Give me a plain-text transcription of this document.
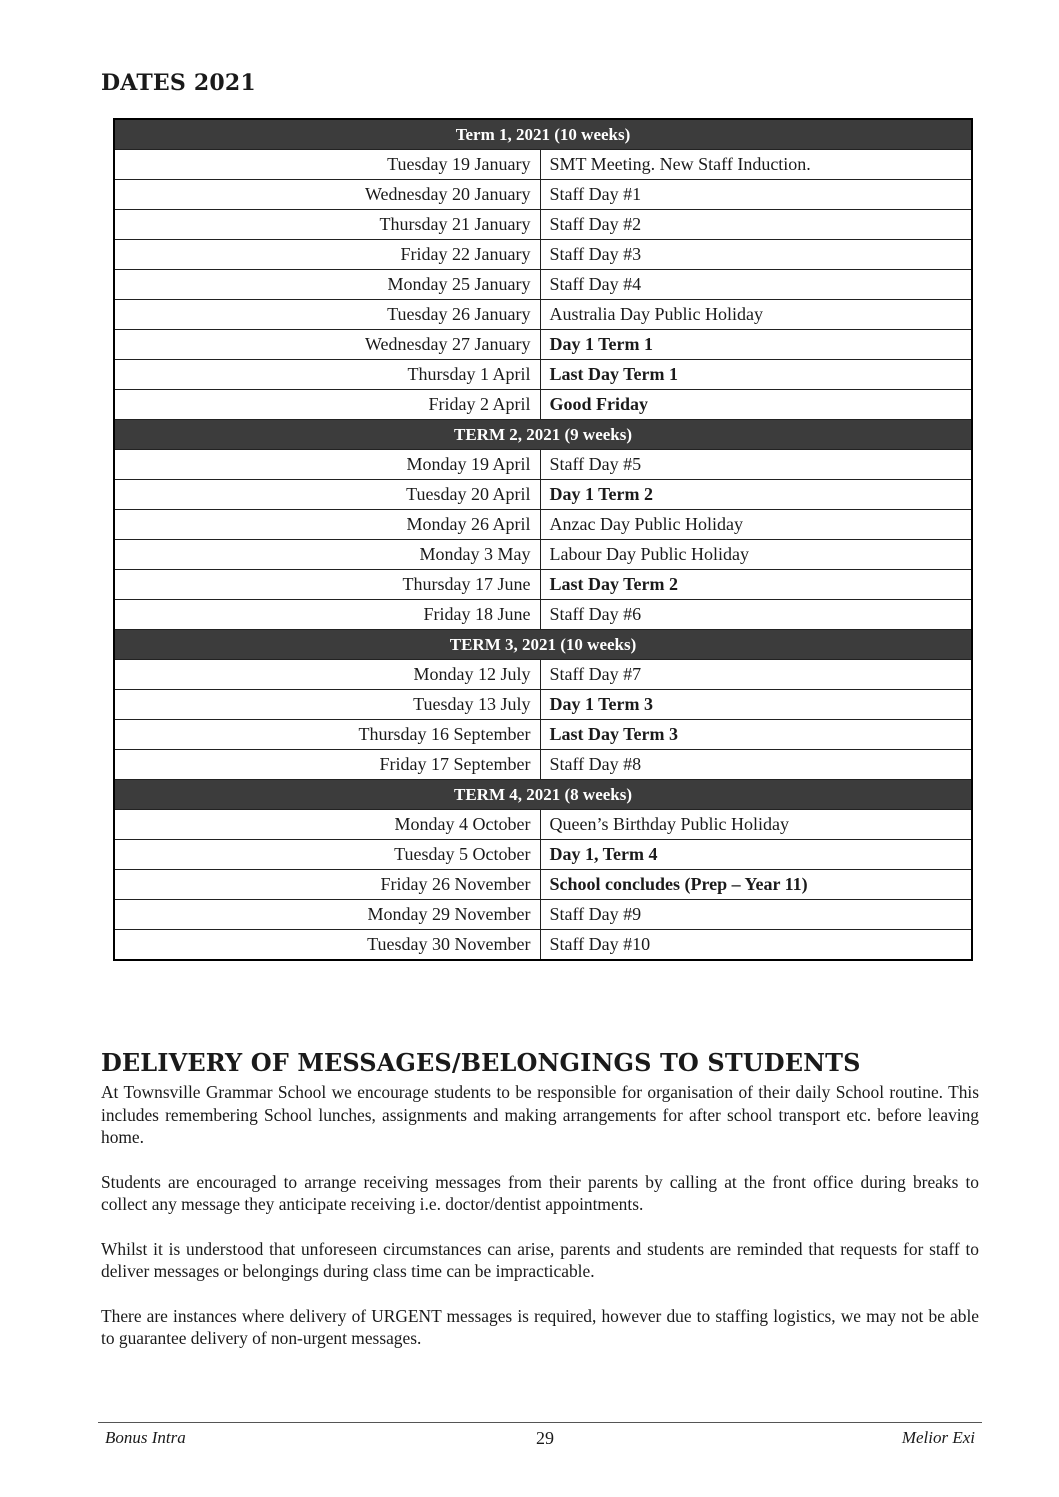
DATES 2021
Term 1, 2021 (10 weeks)	
Tuesday 19 January	SMT Meeting. New Staff Induction.
Wednesday 20 January	Staff Day #1
Thursday 21 January	Staff Day #2
Friday 22 January	Staff Day #3
Monday 25 January	Staff Day #4
Tuesday 26 January	Australia Day Public Holiday
Wednesday 27 January	Day 1 Term 1
Thursday 1 April	Last Day Term 1
Friday 2 April	Good Friday
TERM 2, 2021 (9 weeks)	
Monday 19 April	Staff Day #5
Tuesday 20 April	Day 1 Term 2
Monday 26 April	Anzac Day Public Holiday
Monday 3 May	Labour Day Public Holiday
Thursday 17 June	Last Day Term 2
Friday 18 June	Staff Day #6
TERM 3, 2021 (10 weeks)	
Monday 12 July	Staff Day #7
Tuesday 13 July	Day 1 Term 3
Thursday 16 September	Last Day Term 3
Friday 17 September	Staff Day #8
TERM 4, 2021 (8 weeks)	
Monday 4 October	Queen’s Birthday Public Holiday
Tuesday 5 October	Day 1, Term 4
Friday 26 November	School concludes (Prep – Year 11)
Monday 29 November	Staff Day #9
Tuesday 30 November	Staff Day #10
DELIVERY OF MESSAGES/BELONGINGS TO STUDENTS

At Townsville Grammar School we encourage students to be responsible for organisation of their daily School routine. This includes remembering School lunches, assignments and making arrangements for after school transport etc. before leaving home.

Students are encouraged to arrange receiving messages from their parents by calling at the front office during breaks to collect any message they anticipate receiving i.e. doctor/dentist appointments.

Whilst it is understood that unforeseen circumstances can arise, parents and students are reminded that requests for staff to deliver messages or belongings during class time can be impracticable.

There are instances where delivery of URGENT messages is required, however due to staffing logistics, we may not be able to guarantee delivery of non-urgent messages.

Bonus Intra	29	Melior Exi
